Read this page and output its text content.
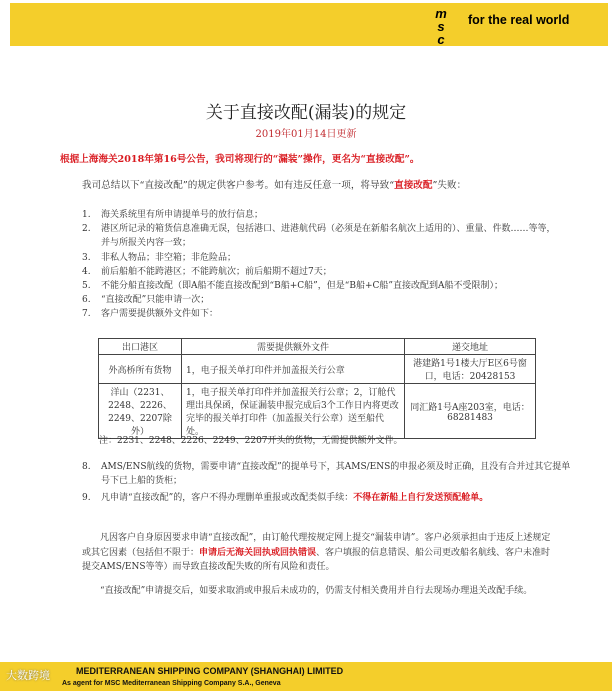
m
s
c
for the real world
关于直接改配(漏装)的规定
2019年01月14日更新
根据上海海关2018年第16号公告，我司将现行的“漏装”操作，更名为“直接改配”。
我司总结以下“直接改配”的规定供客户参考。如有违反任意一项，将导致“直接改配”失败：
1. 海关系统里有所申请提单号的放行信息；
2. 港区所记录的箱货信息准确无误，包括港口、进港航代码（必须是在新船名航次上适用的）、重量、件数……等等，并与所报关内容一致；
3. 非私人物品；非空箱；非危险品；
4. 前后船舶不能跨港区；不能跨航次；前后船期不超过7天；
5. 不能分船直接改配（即A船不能直接改配到“B船+C船”，但是“B船+C船”直接改配到A船不受限制）；
6. “直接改配”只能申请一次；
7. 客户需要提供额外文件如下：
出口港区	需要提供额外文件	递交地址
外高桥所有货物	1，电子报关单打印件并加盖报关行公章	港建路1号1楼大厅E区6号窗口，电话：20428153
洋山（2231、2248、2226、2249、2207除外）	1，电子报关单打印件并加盖报关行公章；2，订舱代理出具保函，保证漏装申报完成后3个工作日内将更改完毕的报关单打印件（加盖报关行公章）送至船代处。	同汇路1号A座203室，电话：68281483
注：2231、2248、2226、2249、2207开头的货物，无需提供额外文件。
8. AMS/ENS航线的货物，需要申请“直接改配”的提单号下，其AMS/ENS的申报必须及时正确，且没有合并过其它提单号下已上船的货柜；
9. 凡申请“直接改配”的，客户不得办理删单重报或改配类似手续：不得在新船上自行发送预配舱单。
凡因客户自身原因要求申请“直接改配”，由订舱代理按规定网上提交“漏装申请”。客户必须承担由于违反上述规定或其它因素（包括但不限于：申请后无海关回执或回执错误、客户填报的信息错误、船公司更改船名航线、客户未准时提交AMS/ENS等等）而导致直接改配失败的所有风险和责任。
“直接改配”申请提交后，如要求取消或申报后未成功的，仍需支付相关费用并自行去现场办理退关改配手续。
MEDITERRANEAN SHIPPING COMPANY (SHANGHAI) LIMITED
As agent for MSC Mediterranean Shipping Company S.A., Geneva
大数跨境
